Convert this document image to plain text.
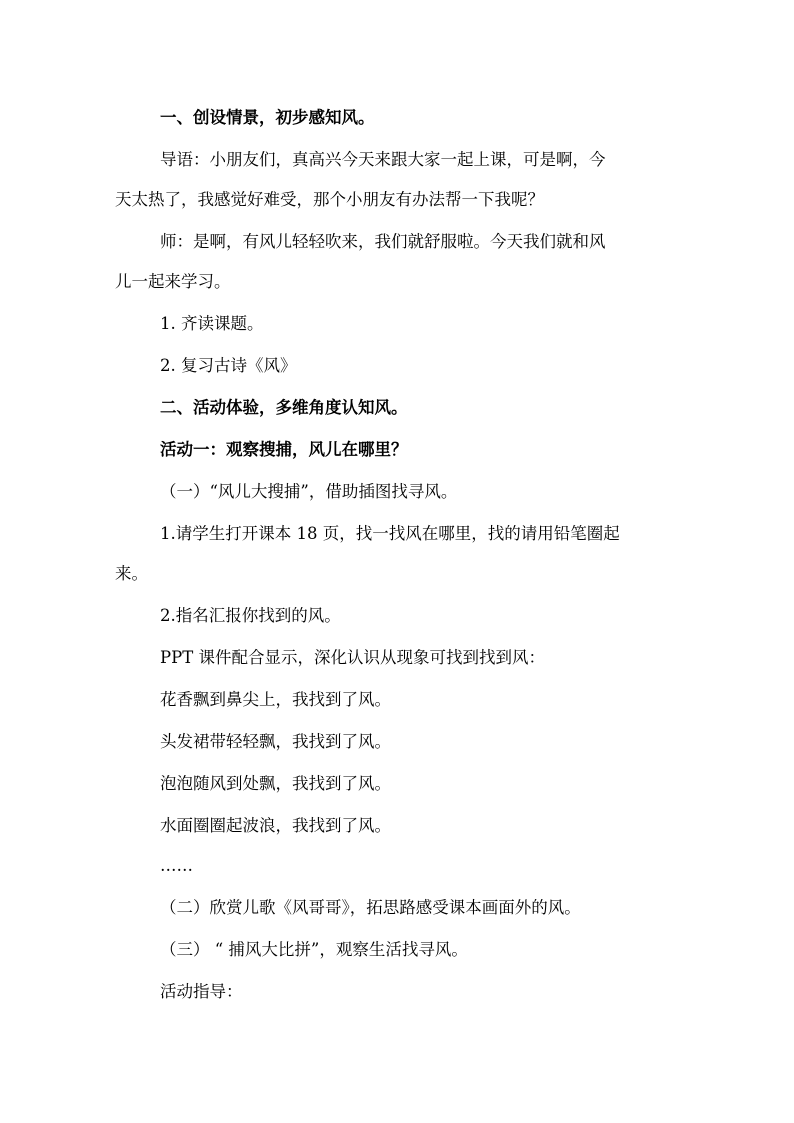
一、创设情景，初步感知风。
导语：小朋友们，真高兴今天来跟大家一起上课，可是啊，今
天太热了，我感觉好难受，那个小朋友有办法帮一下我呢？
师：是啊，有风儿轻轻吹来，我们就舒服啦。今天我们就和风
儿一起来学习。
1. 齐读课题。
2. 复习古诗《风》
二、活动体验，多维角度认知风。
活动一：观察搜捕，风儿在哪里？
（一）“风儿大搜捕”，借助插图找寻风。
1.请学生打开课本 18 页，找一找风在哪里，找的请用铅笔圈起
来。
2.指名汇报你找到的风。
PPT 课件配合显示，深化认识从现象可找到找到风：
花香飘到鼻尖上，我找到了风。
头发裙带轻轻飘，我找到了风。
泡泡随风到处飘，我找到了风。
水面圈圈起波浪，我找到了风。
……
（二）欣赏儿歌《风哥哥》，拓思路感受课本画面外的风。
（三） “ 捕风大比拼”，观察生活找寻风。
活动指导：
